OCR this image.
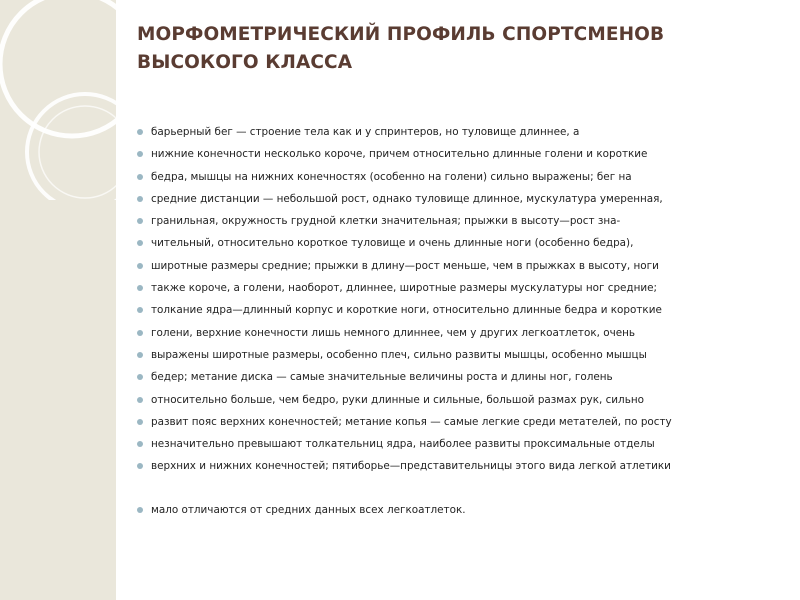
МОРФОМЕТРИЧЕСКИЙ ПРОФИЛЬ СПОРТСМЕНОВ
ВЫСОКОГО КЛАССА
барьерный бег — строение тела как и у спринтеров, но туловище длиннее, а
нижние конечности несколько короче, причем относительно длинные голени и короткие
бедра, мышцы на нижних конечностях (особенно на голени) сильно выражены; бег на
средние дистанции — небольшой рост, однако туловище длинное, мускулатура умеренная,
гранильная, окружность грудной клетки значительная; прыжки в высоту—рост зна-
чительный, относительно короткое туловище и очень длинные ноги (особенно бедра),
широтные размеры средние; прыжки в длину—рост меньше, чем в прыжках в высоту, ноги
также короче, а голени, наоборот, длиннее, широтные размеры мускулатуры ног средние;
толкание ядра—длинный корпус и короткие ноги, относительно длинные бедра и короткие
голени, верхние конечности лишь немного длиннее, чем у других легкоатлеток, очень
выражены широтные размеры, особенно плеч, сильно развиты мышцы, особенно мышцы
бедер; метание диска — самые значительные величины роста и длины ног, голень
относительно больше, чем бедро, руки длинные и сильные, большой размах рук, сильно
развит пояс верхних конечностей; метание копья — самые легкие среди метателей, по росту
незначительно превышают толкательниц ядра, наиболее развиты проксимальные отделы
верхних и нижних конечностей; пятиборье—представительницы этого вида легкой атлетики
мало отличаются от средних данных всех легкоатлеток.
